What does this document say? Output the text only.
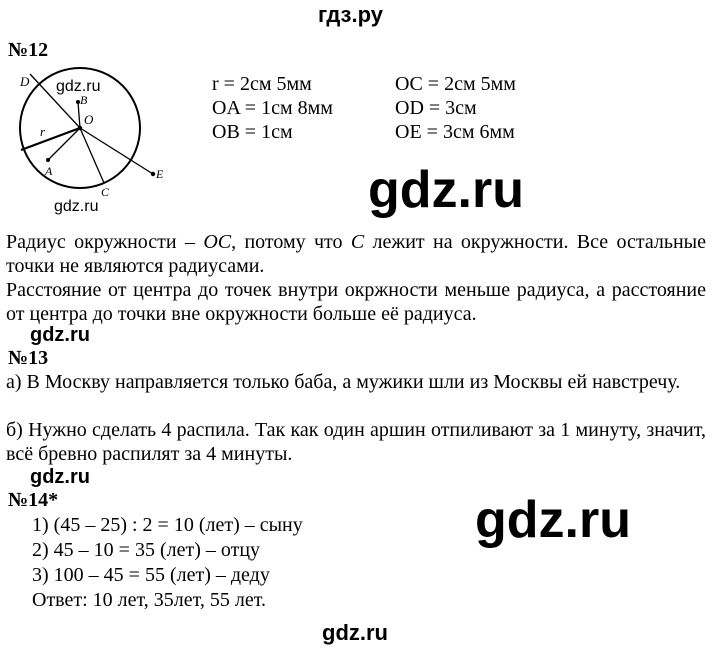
гдз.ру
№12
D
B
O
r
A
C
E
gdz.ru
gdz.ru
r = 2см 5мм
OA = 1см 8мм
OB = 1см
OC = 2см 5мм
OD = 3см
OE = 3см 6мм
gdz.ru
Радиус окружности – OC, потому что C лежит на окружности. Все остальные точки не являются радиусами.
Расстояние от центра до точек внутри окржности меньше радиуса, а расстояние от центра до точки вне окружности больше её радиуса.
gdz.ru
№13
а) В Москву направляется только баба, а мужики шли из Москвы ей навстречу.
б) Нужно сделать 4 распила. Так как один аршин отпиливают за 1 минуту, значит, всё бревно распилят за 4 минуты.
gdz.ru
№14*
1) (45 – 25) : 2 = 10 (лет) – сыну
2) 45 – 10 = 35 (лет) – отцу
3) 100 – 45 = 55 (лет) – деду
Ответ: 10 лет, 35лет, 55 лет.
gdz.ru
gdz.ru
